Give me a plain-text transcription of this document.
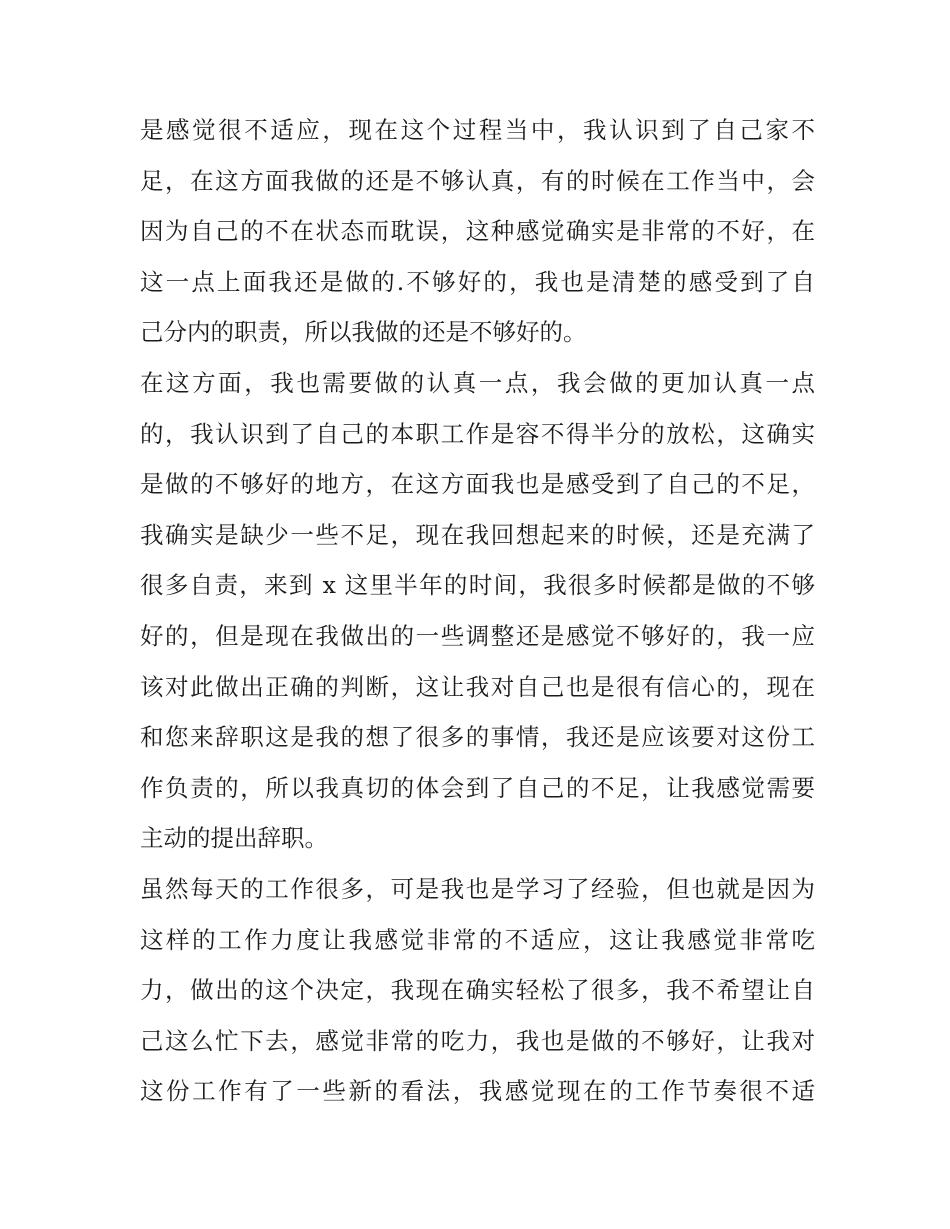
是感觉很不适应，现在这个过程当中，我认识到了自己家不
足，在这方面我做的还是不够认真，有的时候在工作当中，会
因为自己的不在状态而耽误，这种感觉确实是非常的不好，在
这一点上面我还是做的.不够好的，我也是清楚的感受到了自
己分内的职责，所以我做的还是不够好的。
在这方面，我也需要做的认真一点，我会做的更加认真一点
的，我认识到了自己的本职工作是容不得半分的放松，这确实
是做的不够好的地方，在这方面我也是感受到了自己的不足，
我确实是缺少一些不足，现在我回想起来的时候，还是充满了
很多自责，来到 x 这里半年的时间，我很多时候都是做的不够
好的，但是现在我做出的一些调整还是感觉不够好的，我一应
该对此做出正确的判断，这让我对自己也是很有信心的，现在
和您来辞职这是我的想了很多的事情，我还是应该要对这份工
作负责的，所以我真切的体会到了自己的不足，让我感觉需要
主动的提出辞职。
虽然每天的工作很多，可是我也是学习了经验，但也就是因为
这样的工作力度让我感觉非常的不适应，这让我感觉非常吃
力，做出的这个决定，我现在确实轻松了很多，我不希望让自
己这么忙下去，感觉非常的吃力，我也是做的不够好，让我对
这份工作有了一些新的看法，我感觉现在的工作节奏很不适
